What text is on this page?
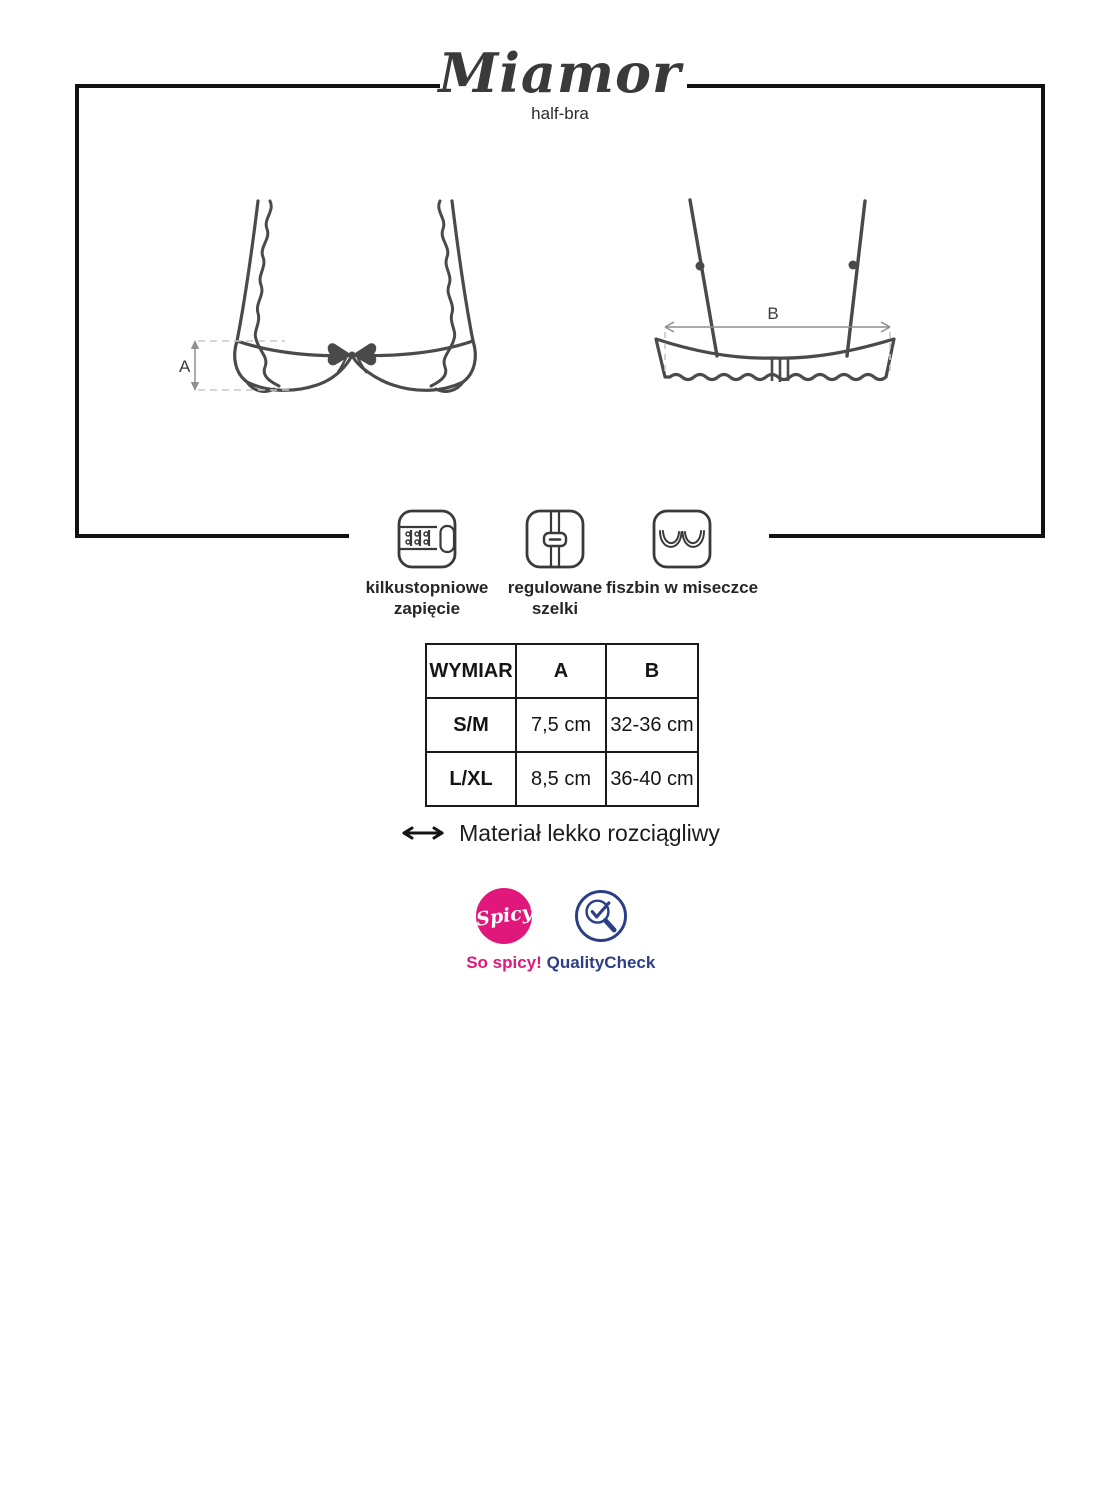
Miamor
half-bra
A
B
kilkustopniowe
zapięcie
regulowane
szelki
fiszbin w miseczce
WYMIAR	A	B
S/M	7,5 cm	32-36 cm
L/XL	8,5 cm	36-40 cm
Materiał lekko rozciągliwy
Spicy
So spicy! QualityCheck
